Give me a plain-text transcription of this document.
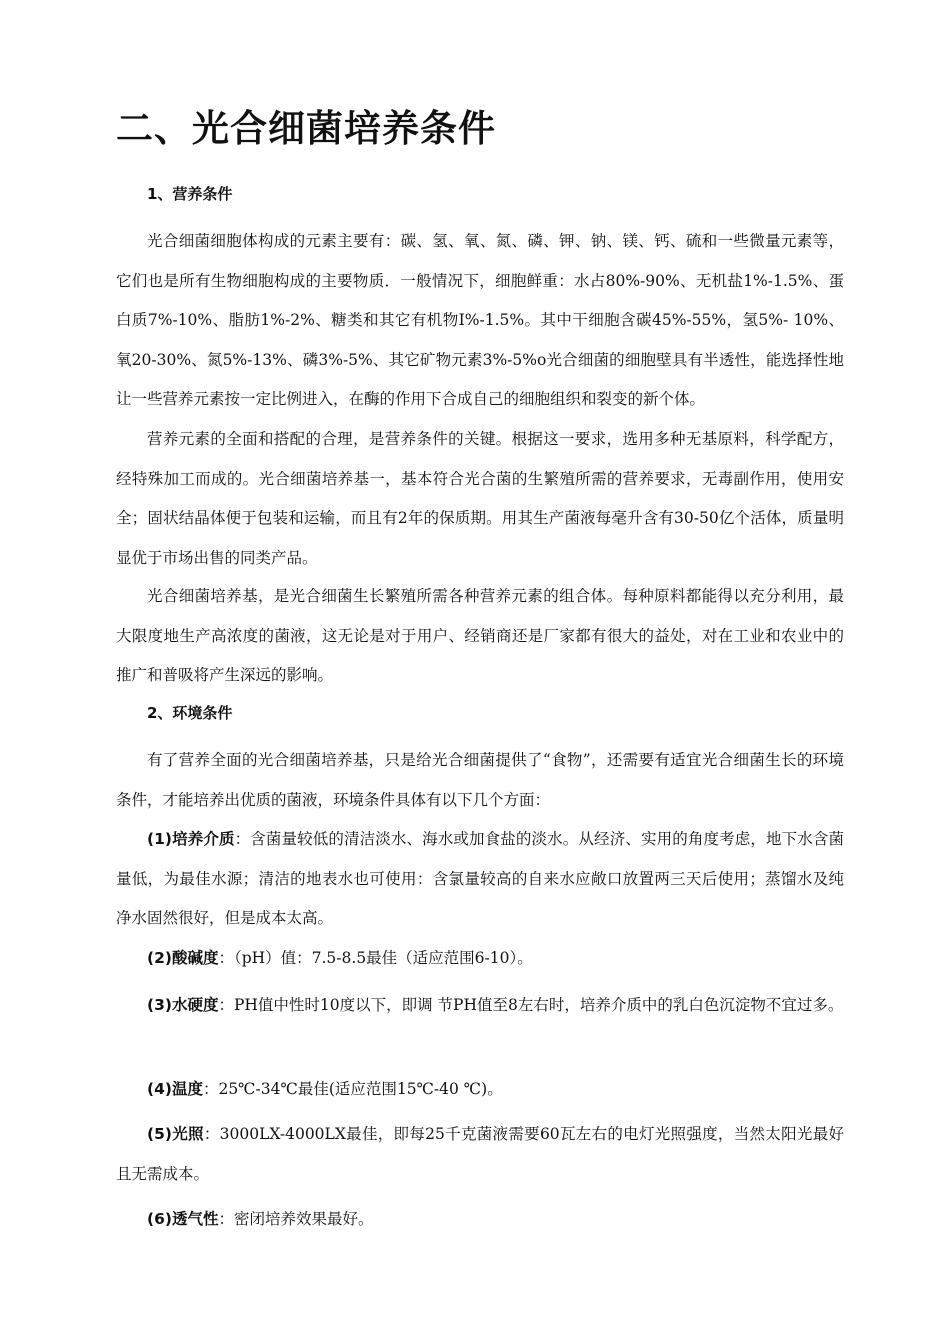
二、光合细菌培养条件
1、营养条件

光合细菌细胞体构成的元素主要有：碳、氢、氧、氮、磷、钾、钠、镁、钙、硫和一些微量元素等，它们也是所有生物细胞构成的主要物质．一般情况下，细胞鲜重：水占80%-90%、无机盐1%-1.5%、蛋白质7%-10%、脂肪1%-2%、糖类和其它有机物I%-1.5%。其中干细胞含碳45%-55%，氢5%- 10%、氧20-30%、氮5%-13%、磷3%-5%、其它矿物元素3%-5%o光合细菌的细胞壁具有半透性，能选择性地让一些营养元素按一定比例进入，在酶的作用下合成自己的细胞组织和裂变的新个体。

营养元素的全面和搭配的合理，是营养条件的关键。根据这一要求，选用多种无基原料，科学配方，经特殊加工而成的。光合细菌培养基一，基本符合光合菌的生繁殖所需的营养要求，无毒副作用，使用安全；固状结晶体便于包装和运输，而且有2年的保质期。用其生产菌液每毫升含有30-50亿个活体，质量明显优于市场出售的同类产品。

光合细菌培养基，是光合细菌生长繁殖所需各种营养元素的组合体。每种原料都能得以充分利用，最大限度地生产高浓度的菌液，这无论是对于用户、经销商还是厂家都有很大的益处，对在工业和农业中的推广和普吸将产生深远的影响。

2、环境条件

有了营养全面的光合细菌培养基，只是给光合细菌提供了“食物”，还需要有适宜光合细菌生长的环境条件，才能培养出优质的菌液，环境条件具体有以下几个方面：

(1)培养介质：含菌量较低的清洁淡水、海水或加食盐的淡水。从经济、实用的角度考虑，地下水含菌量低，为最佳水源；清洁的地表水也可使用：含氯量较高的自来水应敞口放置两三天后使用；蒸馏水及纯净水固然很好，但是成本太高。

(2)酸碱度：（pH）值：7.5-8.5最佳（适应范围6-10）。

(3)水硬度：PH值中性时10度以下，即调 节PH值至8左右时，培养介质中的乳白色沉淀物不宜过多。

(4)温度：25℃-34℃最佳(适应范围15℃-40 ℃)。

(5)光照：3000LX-4000LX最佳，即每25千克菌液需要60瓦左右的电灯光照强度，当然太阳光最好且无需成本。

(6)透气性：密闭培养效果最好。
